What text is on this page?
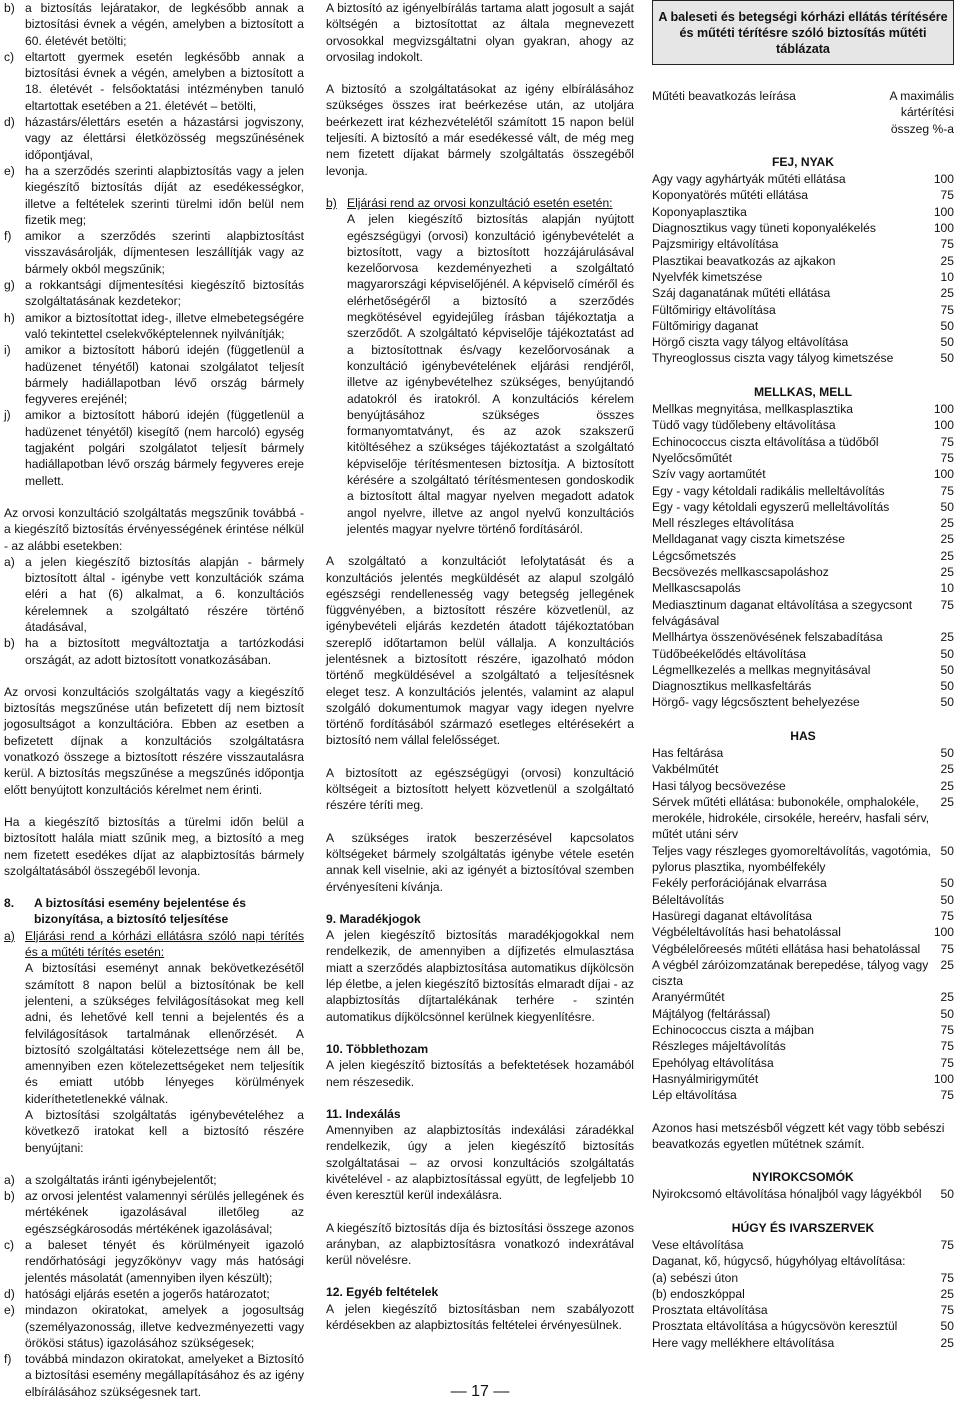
b) a biztosítás lejáratakor, de legkésőbb annak a biztosítási évnek a végén, amelyben a biztosított a 60. életévét betölti;
c) eltartott gyermek esetén legkésőbb annak a biztosítási évnek a végén, amelyben a biztosított a 18. életévét - felsőoktatási intézményben tanuló eltartottak esetében a 21. életévét – betölti,
d) házastárs/élettárs esetén a házastársi jogviszony, vagy az élettársi életközösség megszűnésének időpontjával,
e) ha a szerződés szerinti alapbiztosítás vagy a jelen kiegészítő biztosítás díját az esedékességkor, illetve a feltételek szerinti türelmi időn belül nem fizetik meg;
f)	amikor a szerződés szerinti alapbiztosítást visszavásárolják, díjmentesen leszállítják vagy az bármely okból megszűnik;
g) a rokkantsági díjmentesítési kiegészítő biztosítás szolgáltatásának kezdetekor;
h) amikor a biztosítottat ideg-, illetve elmebetegségére való tekintettel cselekvőképtelennek nyilvánítják;
i)	amikor a biztosított háború idején (függetlenül a hadüzenet tényétől) katonai szolgálatot teljesít bármely hadiállapotban lévő ország bármely fegyveres erejénél;
j)	amikor a biztosított háború idején (függetlenül a hadüzenet tényétől) kisegítő (nem harcoló) egység tagjaként polgári szolgálatot teljesít bármely hadiállapotban lévő ország bármely fegyveres ereje mellett.

Az orvosi konzultáció szolgáltatás megszűnik továbbá - a kiegészítő biztosítás érvényességének érintése nélkül - az alábbi esetekben:

a) a jelen kiegészítő biztosítás alapján - bármely biztosított által - igénybe vett konzultációk száma eléri a hat (6) alkalmat, a 6. konzultációs kérelemnek a szolgáltató részére történő átadásával,
b) ha a biztosított megváltoztatja a tartózkodási országát, az adott biztosított vonatkozásában.

Az orvosi konzultációs szolgáltatás vagy a kiegészítő biztosítás megszűnése után befizetett díj nem biztosít jogosultságot a konzultációra. Ebben az esetben a befizetett díjnak a konzultációs szolgáltatásra vonatkozó összege a biztosított részére visszautalásra kerül. A biztosítás megszűnése a megszűnés időpontja előtt benyújtott konzultációs kérelmet nem érinti.

Ha a kiegészítő biztosítás a türelmi időn belül a biztosított halála miatt szűnik meg, a biztosító a meg nem fizetett esedékes díjat az alapbiztosítás bármely szolgáltatásából összegéből levonja.

8.	A biztosítási esemény bejelentése és bizonyítása, a biztosító teljesítése
a) Eljárási rend a kórházi ellátásra szóló napi térítés és a műtéti térítés esetén:

A biztosítási eseményt annak bekövetkezésétől számított 8 napon belül a biztosítónak be kell jelenteni, a szükséges felvilágosításokat meg kell adni, és lehetővé kell tenni a bejelentés és a felvilágosítások tartalmának ellenőrzését. A biztosító szolgáltatási kötelezettsége nem áll be, amennyiben ezen kötelezettségeket nem teljesítik és emiatt utóbb lényeges körülmények kideríthetetlenekké válnak.

A biztosítási szolgáltatás igénybevételéhez a következő iratokat kell a biztosító részére benyújtani:

a) a szolgáltatás iránti igénybejelentőt;
b) az orvosi jelentést valamennyi sérülés jellegének és mértékének igazolásával illetőleg az egészségkárosodás mértékének igazolásával;
c) a baleset tényét és körülményeit igazoló rendőrhatósági jegyzőkönyv vagy más hatósági jelentés másolatát (amennyiben ilyen készült);
d) hatósági eljárás esetén a jogerős határozatot;
e) mindazon okiratokat, amelyek a jogosultság (személyazonosság, illetve kedvezményezetti vagy örökösi státus) igazolásához szükségesek;
f)	továbbá mindazon okiratokat, amelyeket a Biztosító a biztosítási esemény megállapításához és az igény elbírálásához szükségesnek tart.

A biztosító az igényelbírálás tartama alatt jogosult a saját költségén a biztosítottat az általa megnevezett orvosokkal megvizsgáltatni olyan gyakran, ahogy az orvosilag indokolt.

A biztosító a szolgáltatásokat az igény elbírálásához szükséges összes irat beérkezése után, az utoljára beérkezett irat kézhezvételétől számított 15 napon belül teljesíti. A biztosító a már esedékessé vált, de még meg nem fizetett díjakat bármely szolgáltatás összegéből levonja.

b) Eljárási rend az orvosi konzultáció esetén esetén:

A jelen kiegészítő biztosítás alapján nyújtott egészségügyi (orvosi) konzultáció igénybevételét a biztosított, vagy a biztosított hozzájárulásával kezelőorvosa kezdeményezheti a szolgáltató magyarországi képviselőjénél. A képviselő címéről és elérhetőségéről a biztosító a szerződés megkötésével egyidejűleg írásban tájékoztatja a szerződőt. A szolgáltató képviselője tájékoztatást ad a biztosítottnak és/vagy kezelőorvosának a konzultáció igénybevételének eljárási rendjéről, illetve az igénybevételhez szükséges, benyújtandó adatokról és iratokról. A konzultációs kérelem benyújtásához szükséges összes formanyomtatványt, és az azok szakszerű kitöltéséhez a szükséges tájékoztatást a szolgáltató képviselője térítésmentesen biztosítja. A biztosított kérésére a szolgáltató térítésmentesen gondoskodik a biztosított által magyar nyelven megadott adatok angol nyelvre, illetve az angol nyelvű konzultációs jelentés magyar nyelvre történő fordításáról.

A szolgáltató a konzultációt lefolytatását és a konzultációs jelentés megküldését az alapul szolgáló egészségi rendellenesség vagy betegség jellegének függvényében, a biztosított részére közvetlenül, az igénybevételi eljárás kezdetén átadott tájékoztatóban szereplő időtartamon belül vállalja. A konzultációs jelentésnek a biztosított részére, igazolható módon történő megküldésével a szolgáltató a teljesítésnek eleget tesz. A konzultációs jelentés, valamint az alapul szolgáló dokumentumok magyar vagy idegen nyelvre történő fordításából származó esetleges eltérésekért a biztosító nem vállal felelősséget.

A biztosított az egészségügyi (orvosi) konzultáció költségeit a biztosított helyett közvetlenül a szolgáltató részére téríti meg.

A szükséges iratok beszerzésével kapcsolatos költségeket bármely szolgáltatás igénybe vétele esetén annak kell viselnie, aki az igényét a biztosítóval szemben érvényesíteni kívánja.

9. Maradékjogok

A jelen kiegészítő biztosítás maradékjogokkal nem rendelkezik, de amennyiben a díjfizetés elmulasztása miatt a szerződés alapbiztosítása automatikus díjkölcsön lép életbe, a jelen kiegészítő biztosítás elmaradt díjai - az alapbiztosítás díjtartalékának terhére - szintén automatikus díjkölcsönnel kerülnek kiegyenlítésre.

10. Többlethozam

A jelen kiegészítő biztosítás a befektetések hozamából nem részesedik.

11. Indexálás

Amennyiben az alapbiztosítás indexálási záradékkal rendelkezik, úgy a jelen kiegészítő biztosítás szolgáltatásai – az orvosi konzultációs szolgáltatás kivételével - az alapbiztosítással együtt, de legfeljebb 10 éven keresztül kerül indexálásra.

A kiegészítő biztosítás díja és biztosítási összege azonos arányban, az alapbiztosításra vonatkozó indexrátával kerül növelésre.

12. Egyéb feltételek

A jelen kiegészítő biztosításban nem szabályozott kérdésekben az alapbiztosítás feltételei érvényesülnek.

A baleseti és betegségi kórházi ellátás térítésére és műtéti térítésre szóló biztosítás műtéti táblázata
Műtéti beavatkozás leírása	A maximális kártérítési összeg %-a
FEJ, NYAK
Agy vagy agyhártyák műtéti ellátása	100
Koponyatörés műtéti ellátása	75
Koponyaplasztika	100
Diagnosztikus vagy tüneti koponyalékelés	100
Pajzsmirigy eltávolítása	75
Plasztikai beavatkozás az ajkakon	25
Nyelvfék kimetszése	10
Száj daganatának műtéti ellátása	25
Fültőmirigy eltávolítása	75
Fültőmirigy daganat	50
Hörgő ciszta vagy tályog eltávolítása	50
Thyreoglossus ciszta vagy tályog kimetszése	50
MELLKAS, MELL
Mellkas megnyitása, mellkasplasztika	100
Tüdő vagy tüdőlebeny eltávolítása	100
Echinococcus ciszta eltávolítása a tüdőből	75
Nyelőcsőműtét	75
Szív vagy aortaműtét	100
Egy - vagy kétoldali radikális melleltávolítás	75
Egy - vagy kétoldali egyszerű melleltávolítás	50
Mell részleges eltávolítása	25
Melldaganat vagy ciszta kimetszése	25
Légcsőmetszés	25
Becsövezés mellkascsapoláshoz	25
Mellkascsapolás	10
Mediasztinum daganat eltávolítása a szegycsont felvágásával
75
Mellhártya összenövésének felszabadítása	25
Tüdőbeékelődés eltávolítása	50
Légmellkezelés a mellkas megnyitásával	50
Diagnosztikus mellkasfeltárás	50
Hörgő- vagy légcsősztent behelyezése	50
HAS
Has feltárása	50
Vakbélműtét	25
Hasi tályog becsövezése	25
Sérvek műtéti ellátása: bubonokéle, omphalokéle, merokéle, hidrokéle, cirsokéle, hereérv, hasfali sérv, műtét utáni sérv
25
Teljes vagy részleges gyomoreltávolítás, vagotómia, pylorus plasztika, nyombélfekély
50
Fekély perforációjának elvarrása	50
Béleltávolítás	50
Hasüregi daganat eltávolítása	75
Végbéleltávolítás hasi behatolással	100
Végbélelőreesés műtéti ellátása hasi behatolással	75
A végbél záróizomzatának berepedése, tályog vagy ciszta
25
Aranyérműtét	25
Májtályog (feltárással)	50
Echinococcus ciszta a májban	75
Részleges májeltávolítás	75
Epehólyag eltávolítása	75
Hasnyálmirigyműtét	100
Lép eltávolítása	75

Azonos hasi metszésből végzett két vagy több sebészi beavatkozás egyetlen műtétnek számít.

NYIROKCSOMÓK
Nyirokcsomó eltávolítása hónaljból vagy lágyékból	50
HÚGY ÉS IVARSZERVEK
Vese eltávolítása	75
Daganat, kő, húgycső, húgyhólyag eltávolítása:
(a) sebészi úton	75
(b) endoszkóppal	25
Prosztata eltávolítása	75
Prosztata eltávolítása a húgycsövön keresztül	50
Here vagy mellékhere eltávolítása	25
— 17 —
